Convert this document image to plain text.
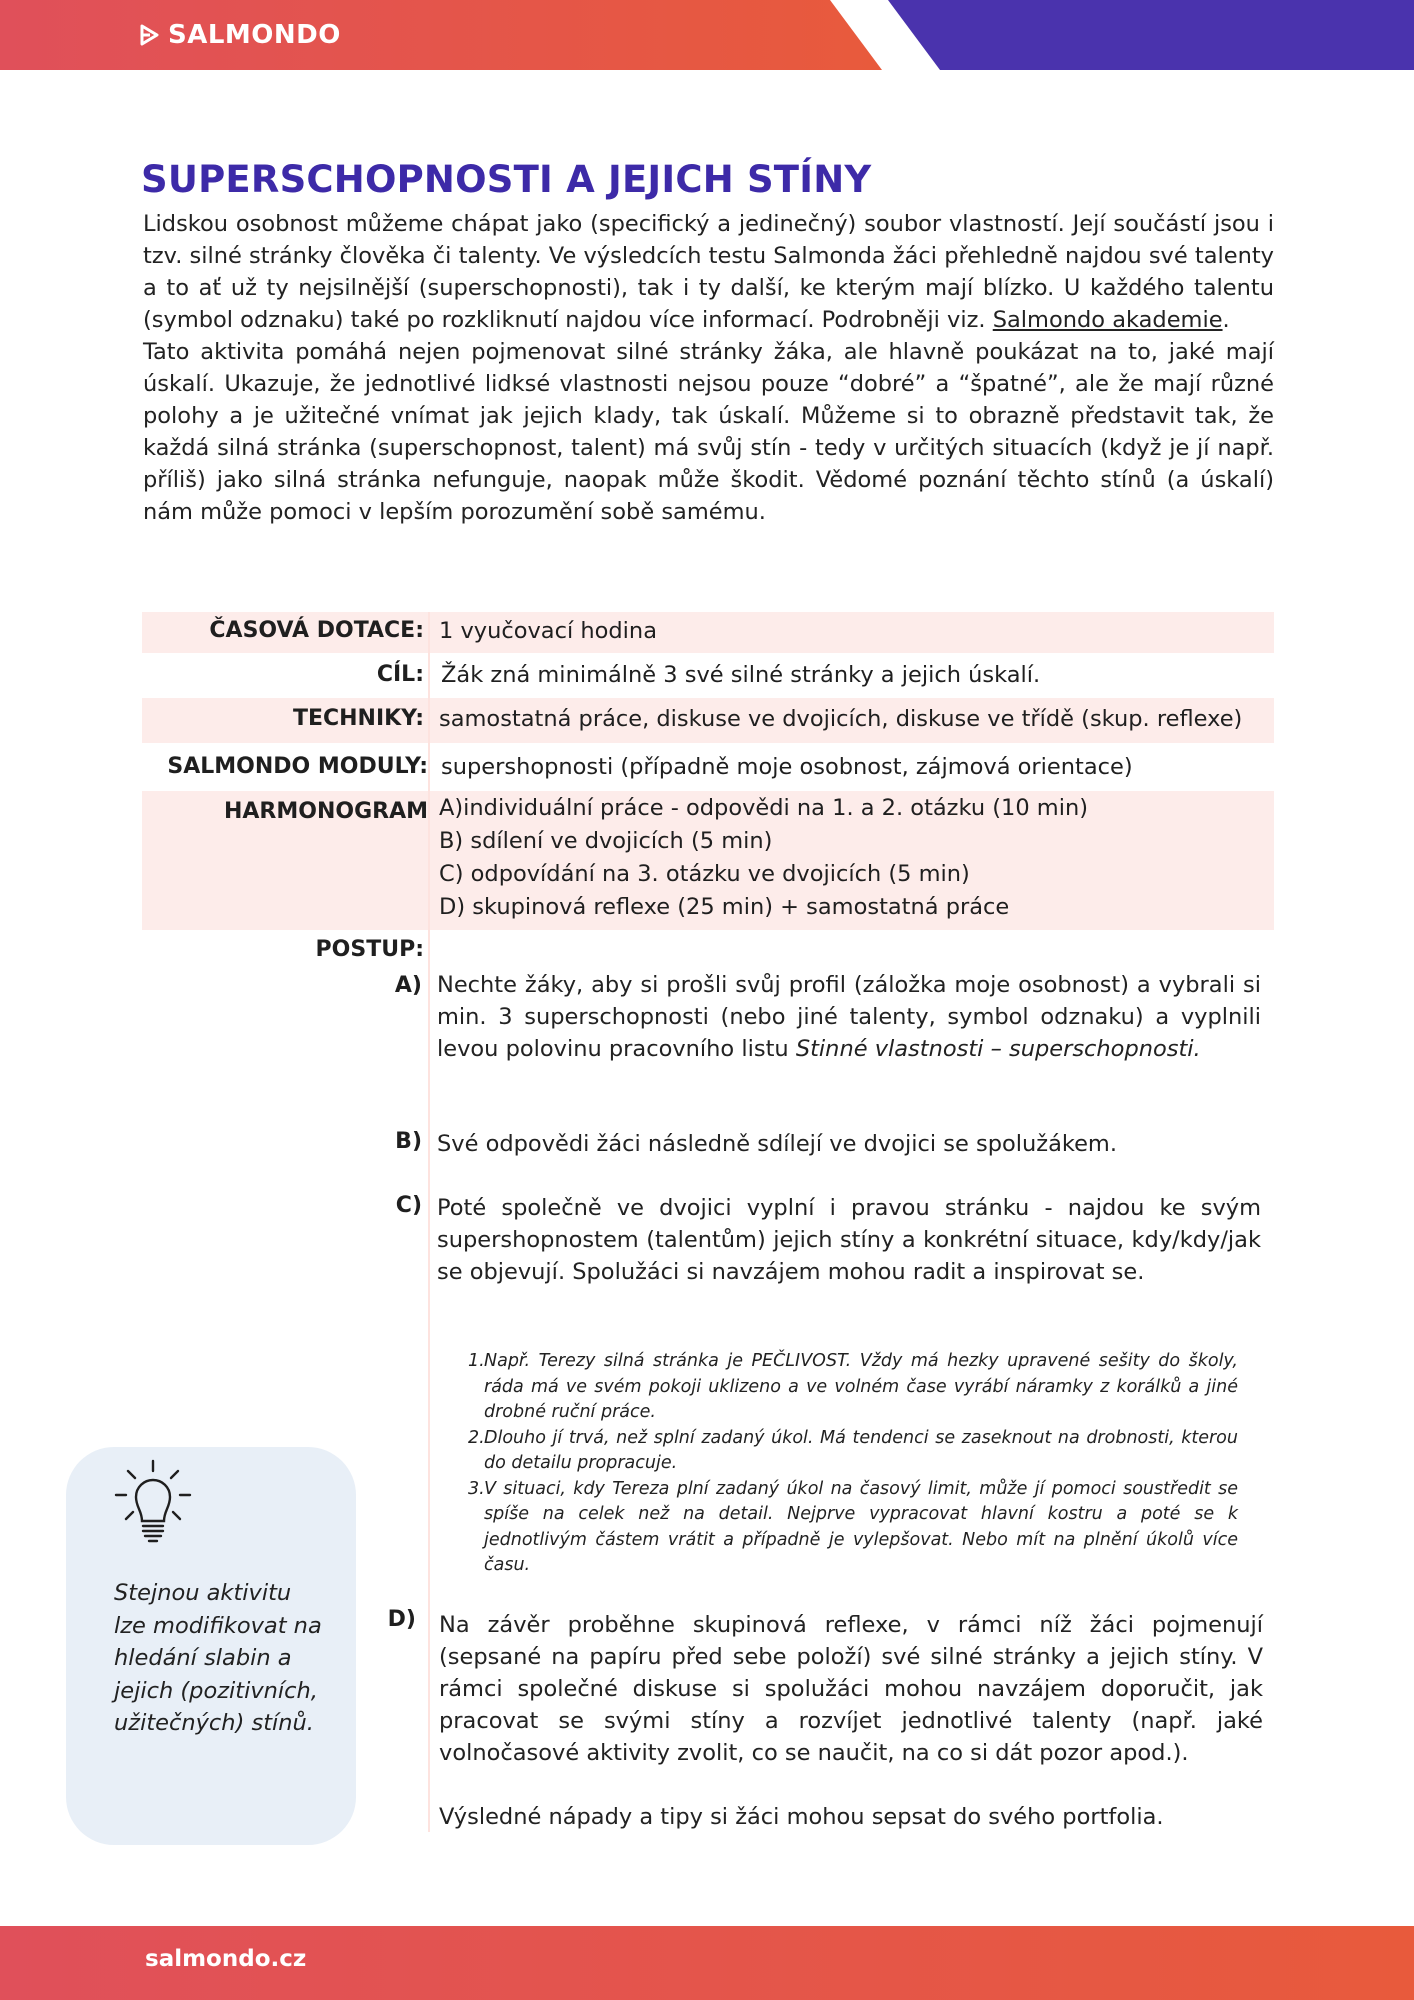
SALMONDO
SUPERSCHOPNOSTI A JEJICH STÍNY

Lidskou osobnost můžeme chápat jako (specifický a jedinečný) soubor vlastností. Její součástí jsou i tzv. silné stránky člověka či talenty. Ve výsledcích testu Salmonda žáci přehledně najdou své talenty a to ať už ty nejsilnější (superschopnosti), tak i ty další, ke kterým mají blízko. U každého talentu (symbol odznaku) také po rozkliknutí najdou více informací. Podrobněji viz. Salmondo akademie.

Tato aktivita pomáhá nejen pojmenovat silné stránky žáka, ale hlavně poukázat na to, jaké mají úskalí. Ukazuje, že jednotlivé lidksé vlastnosti nejsou pouze “dobré” a “špatné”, ale že mají různé polohy a je užitečné vnímat jak jejich klady, tak úskalí. Můžeme si to obrazně představit tak, že každá silná stránka (superschopnost, talent) má svůj stín - tedy v určitých situacích (když je jí např. příliš) jako silná stránka nefunguje, naopak může škodit. Vědomé poznání těchto stínů (a úskalí) nám může pomoci v lepším porozumění sobě samému.

ČASOVÁ DOTACE: 1 vyučovací hodina
CÍL: Žák zná minimálně 3 své silné stránky a jejich úskalí.
TECHNIKY: samostatná práce, diskuse ve dvojicích, diskuse ve třídě (skup. reflexe)
SALMONDO MODULY: supershopnosti (případně moje osobnost, zájmová orientace)
HARMONOGRAM A)individuální práce - odpovědi na 1. a 2. otázku (10 min)

B) sdílení ve dvojicích (5 min)

C) odpovídání na 3. otázku ve dvojicích (5 min)

D) skupinová reflexe (25 min) + samostatná práce

POSTUP:
A) Nechte žáky, aby si prošli svůj profil (záložka moje osobnost) a vybrali si min. 3 superschopnosti (nebo jiné talenty, symbol odznaku) a vyplnili levou polovinu pracovního listu Stinné vlastnosti – superschopnosti.

B) Své odpovědi žáci následně sdílejí ve dvojici se spolužákem.
C) Poté společně ve dvojici vyplní i pravou stránku - najdou ke svým supershopnostem (talentům) jejich stíny a konkrétní situace, kdy/kdy/jak se objevují. Spolužáci si navzájem mohou radit a inspirovat se.
1. Např. Terezy silná stránka je PEČLIVOST. Vždy má hezky upravené sešity do školy, ráda má ve svém pokoji uklizeno a ve volném čase vyrábí náramky z korálků a jiné drobné ruční práce.
2. Dlouho jí trvá, než splní zadaný úkol. Má tendenci se zaseknout na drobnosti, kterou do detailu propracuje.
3. V situaci, kdy Tereza plní zadaný úkol na časový limit, může jí pomoci soustředit se spíše na celek než na detail. Nejprve vypracovat hlavní kostru a poté se k jednotlivým částem vrátit a případně je vylepšovat. Nebo mít na plnění úkolů více času.
D) Na závěr proběhne skupinová reflexe, v rámci níž žáci pojmenují (sepsané na papíru před sebe položí) své silné stránky a jejich stíny. V rámci společné diskuse si spolužáci mohou navzájem doporučit, jak pracovat se svými stíny a rozvíjet jednotlivé talenty (např. jaké volnočasové aktivity zvolit, co se naučit, na co si dát pozor apod.).

Výsledné nápady a tipy si žáci mohou sepsat do svého portfolia.

Stejnou aktivitu lze modifikovat na hledání slabin a jejich (pozitivních, užitečných) stínů.
salmondo.cz
